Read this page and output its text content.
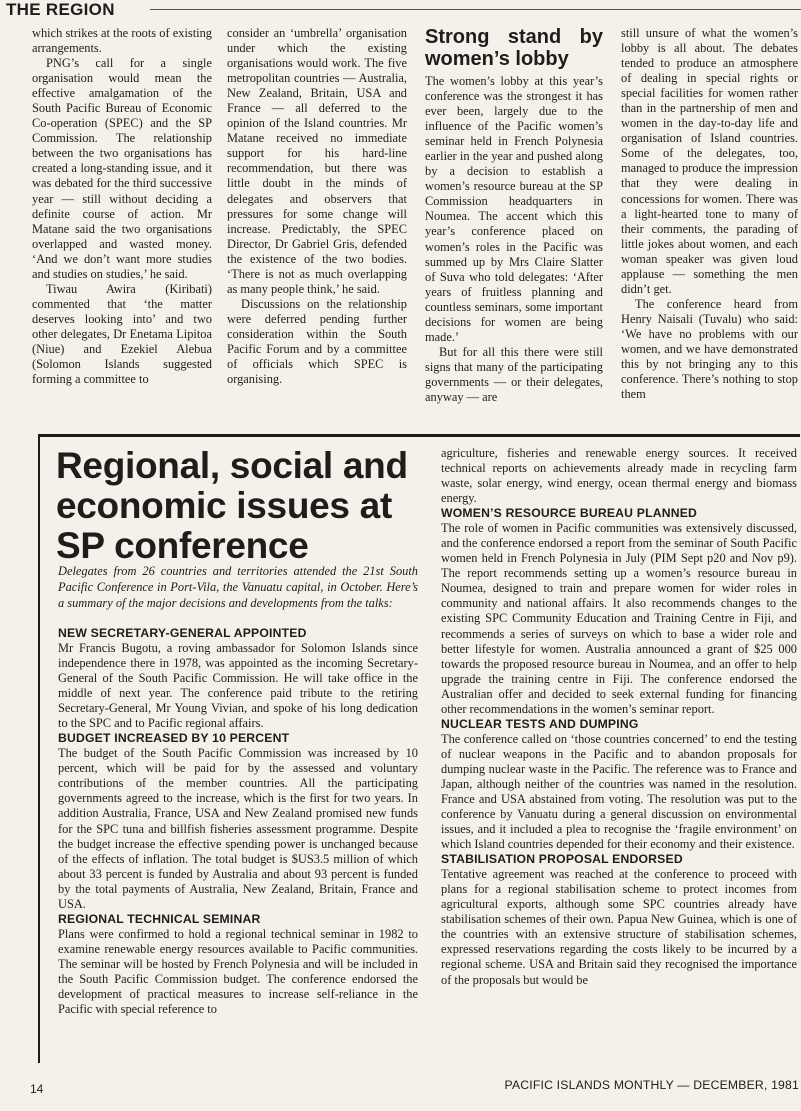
THE REGION

which strikes at the roots of existing arrangements.

PNG’s call for a single organisation would mean the effective amalgamation of the South Pacific Bureau of Economic Co-operation (SPEC) and the SP Commission. The relationship between the two organisations has created a long-standing issue, and it was debated for the third successive year — still without deciding a definite course of action. Mr Matane said the two organisations overlapped and wasted money. ‘And we don’t want more studies and studies on studies,’ he said.

Tiwau Awira (Kiribati) commented that ‘the matter deserves looking into’ and two other delegates, Dr Enetama Lipitoa (Niue) and Ezekiel Alebua (Solomon Islands suggested forming a committee to

consider an ‘umbrella’ organisation under which the existing organisations would work. The five metropolitan countries — Australia, New Zealand, Britain, USA and France — all deferred to the opinion of the Island countries. Mr Matane received no immediate support for his hard-line recommendation, but there was little doubt in the minds of delegates and observers that pressures for some change will increase. Predictably, the SPEC Director, Dr Gabriel Gris, defended the existence of the two bodies. ‘There is not as much overlapping as many people think,’ he said.

Discussions on the relationship were deferred pending further consideration within the South Pacific Forum and by a committee of officials which SPEC is organising.

Strong stand by women’s lobby

The women’s lobby at this year’s conference was the strongest it has ever been, largely due to the influence of the Pacific women’s seminar held in French Polynesia earlier in the year and pushed along by a decision to establish a women’s resource bureau at the SP Commission headquarters in Noumea. The accent which this year’s conference placed on women’s roles in the Pacific was summed up by Mrs Claire Slatter of Suva who told delegates: ‘After years of fruitless planning and countless seminars, some important decisions for women are being made.’

But for all this there were still signs that many of the participating governments — or their delegates, anyway — are

still unsure of what the women’s lobby is all about. The debates tended to produce an atmosphere of dealing in special rights or special facilities for women rather than in the partnership of men and women in the day-to-day life and organisation of Island countries. Some of the delegates, too, managed to produce the impression that they were dealing in concessions for women. There was a light-hearted tone to many of their comments, the parading of little jokes about women, and each woman speaker was given loud applause — something the men didn’t get.

The conference heard from Henry Naisali (Tuvalu) who said: ‘We have no problems with our women, and we have demonstrated this by not bringing any to this conference. There’s nothing to stop them

Regional, social and economic issues at SP conference
Delegates from 26 countries and territories attended the 21st South Pacific Conference in Port-Vila, the Vanuatu capital, in October. Here’s a summary of the major decisions and developments from the talks:
NEW SECRETARY-GENERAL APPOINTED

Mr Francis Bugotu, a roving ambassador for Solomon Islands since independence there in 1978, was appointed as the incoming Secretary-General of the South Pacific Commission. He will take office in the middle of next year. The conference paid tribute to the retiring Secretary-General, Mr Young Vivian, and spoke of his long dedication to the SPC and to Pacific regional affairs.

BUDGET INCREASED BY 10 PERCENT

The budget of the South Pacific Commission was increased by 10 percent, which will be paid for by the assessed and voluntary contributions of the member countries. All the participating governments agreed to the increase, which is the first for two years. In addition Australia, France, USA and New Zealand promised new funds for the SPC tuna and billfish fisheries assessment programme. Despite the budget increase the effective spending power is unchanged because of the effects of inflation. The total budget is $US3.5 million of which about 33 percent is funded by Australia and about 93 percent is funded by the total payments of Australia, New Zealand, Britain, France and USA.

REGIONAL TECHNICAL SEMINAR

Plans were confirmed to hold a regional technical seminar in 1982 to examine renewable energy resources available to Pacific communities. The seminar will be hosted by French Polynesia and will be included in the South Pacific Commission budget. The conference endorsed the development of practical measures to increase self-reliance in the Pacific with special reference to

agriculture, fisheries and renewable energy sources. It received technical reports on achievements already made in recycling farm waste, solar energy, wind energy, ocean thermal energy and biomass energy.

WOMEN’S RESOURCE BUREAU PLANNED

The role of women in Pacific communities was extensively discussed, and the conference endorsed a report from the seminar of South Pacific women held in French Polynesia in July (PIM Sept p20 and Nov p9). The report recommends setting up a women’s resource bureau in Noumea, designed to train and prepare women for wider roles in community and national affairs. It also recommends changes to the existing SPC Community Education and Training Centre in Fiji, and recommends a series of surveys on which to base a wider role and better lifestyle for women. Australia announced a grant of $25 000 towards the proposed resource bureau in Noumea, and an offer to help upgrade the training centre in Fiji. The conference endorsed the Australian offer and decided to seek external funding for financing other recommendations in the women’s seminar report.

NUCLEAR TESTS AND DUMPING

The conference called on ‘those countries concerned’ to end the testing of nuclear weapons in the Pacific and to abandon proposals for dumping nuclear waste in the Pacific. The reference was to France and Japan, although neither of the countries was named in the resolution. France and USA abstained from voting. The resolution was put to the conference by Vanuatu during a general discussion on environmental issues, and it included a plea to recognise the ‘fragile environment’ on which Island countries depended for their economy and their existence.

STABILISATION PROPOSAL ENDORSED

Tentative agreement was reached at the conference to proceed with plans for a regional stabilisation scheme to protect incomes from agricultural exports, although some SPC countries already have stabilisation schemes of their own. Papua New Guinea, which is one of the countries with an extensive structure of stabilisation schemes, expressed reservations regarding the costs likely to be incurred by a regional scheme. USA and Britain said they recognised the importance of the proposals but would be

14	PACIFIC ISLANDS MONTHLY — DECEMBER, 1981
